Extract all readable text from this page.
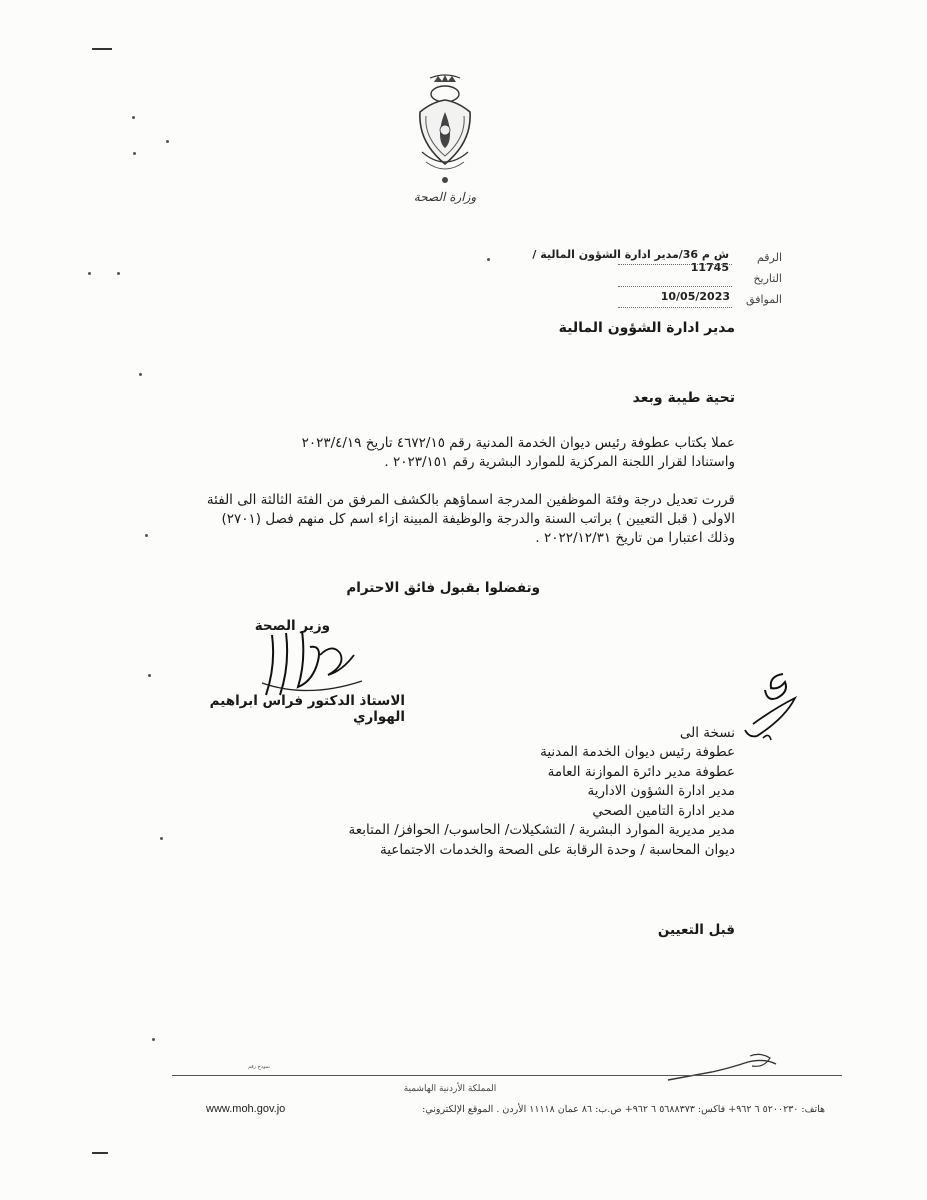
وزارة الصحة
الرقم
ش م 36/مدير ادارة الشؤون المالية / 11745
التاريخ
الموافق
10/05/2023
مدير ادارة الشؤون المالية
تحية طيبة وبعد
عملا بكتاب عطوفة رئيس ديوان الخدمة المدنية رقم ٤٦٧٢/١٥ تاريخ ٢٠٢٣/٤/١٩
واستنادا لقرار اللجنة المركزية للموارد البشرية رقم ٢٠٢٣/١٥١ .
قررت تعديل درجة وفئة الموظفين المدرجة اسماؤهم بالكشف المرفق من الفئة الثالثة الى الفئة
الاولى ( قبل التعيين ) براتب السنة والدرجة والوظيفة المبينة ازاء اسم كل منهم فصل (٢٧٠١)
وذلك اعتبارا من تاريخ ٢٠٢٢/١٢/٣١ .
وتفضلوا بقبول فائق الاحترام
وزير الصحة
الاستاذ الدكتور فراس ابراهيم الهواري
نسخة الى
عطوفة رئيس ديوان الخدمة المدنية
عطوفة مدير دائرة الموازنة العامة
مدير ادارة الشؤون الادارية
مدير ادارة التامين الصحي
مدير مديرية الموارد البشرية / التشكيلات/ الحاسوب/ الحوافز/ المتابعة
ديوان المحاسبة / وحدة الرقابة على الصحة والخدمات الاجتماعية
قبل التعيين
نموذج رقم
المملكة الأردنية الهاشمية
هاتف: ٥٢٠٠٢٣٠ ٦ ٩٦٢+ فاكس: ٥٦٨٨٣٧٣ ٦ ٩٦٢+ ص.ب: ٨٦ عمان ١١١١٨ الأردن . الموقع الإلكتروني:
www.moh.gov.jo
